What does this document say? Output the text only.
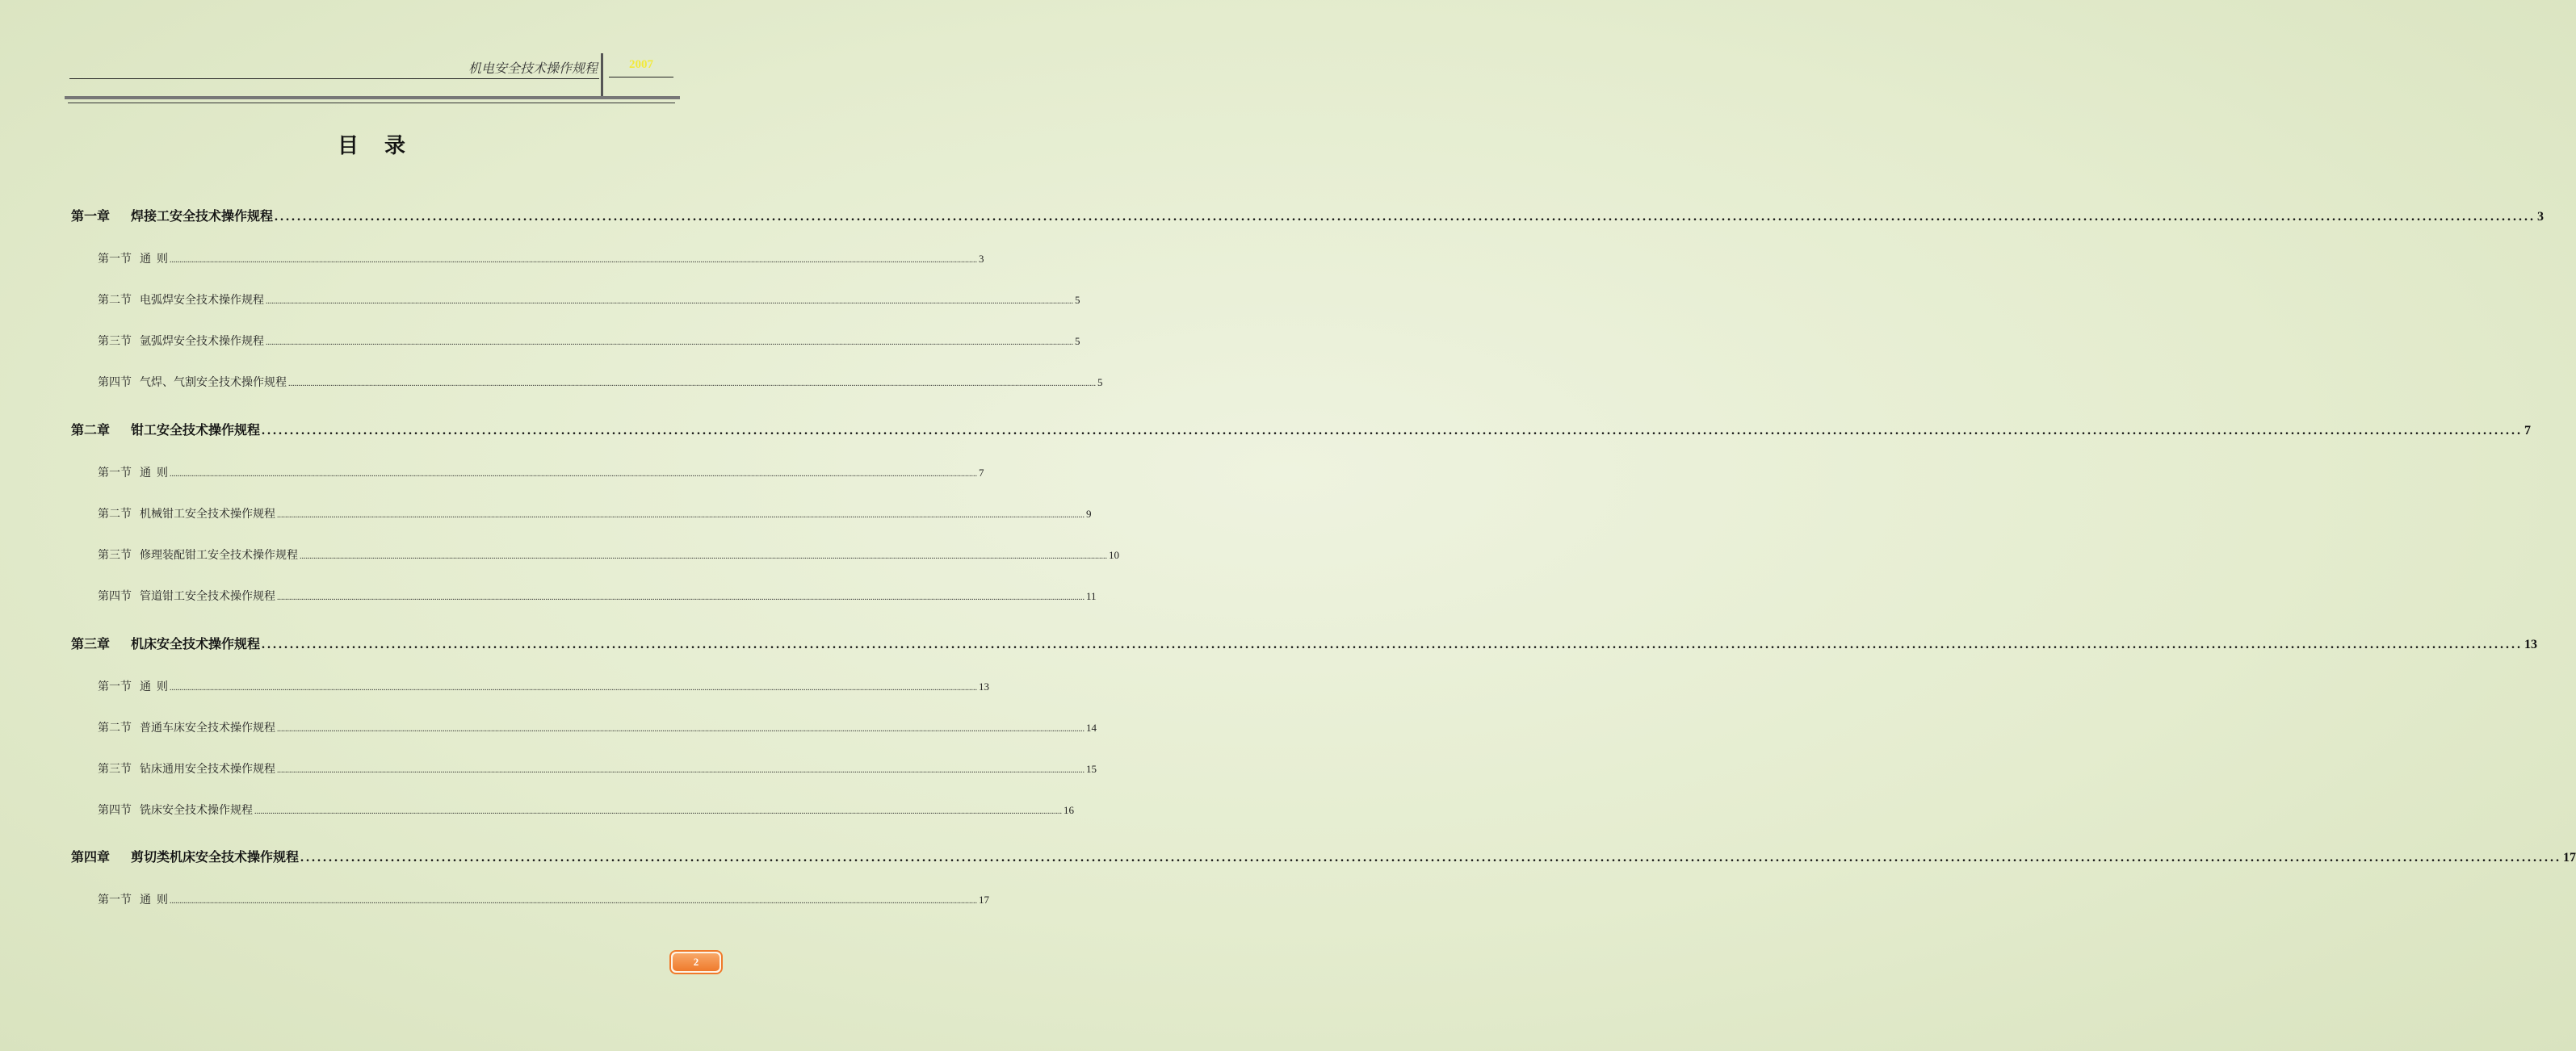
机电安全技术操作规程	2007
目录
第一章 焊接工安全技术操作规程 ................................................................................................................................................................................................................................................................................................................................................................................................................ 3
第一节 通  则 ................................................................................................................................................................................................................................................................................................................................................................................................................ 3
第二节 电弧焊安全技术操作规程 ................................................................................................................................................................................................................................................................................................................................................................................................................ 5
第三节 氩弧焊安全技术操作规程 ................................................................................................................................................................................................................................................................................................................................................................................................................ 5
第四节 气焊、气割安全技术操作规程 ................................................................................................................................................................................................................................................................................................................................................................................................................ 5
第二章 钳工安全技术操作规程 ................................................................................................................................................................................................................................................................................................................................................................................................................ 7
第一节 通  则 ................................................................................................................................................................................................................................................................................................................................................................................................................ 7
第二节 机械钳工安全技术操作规程 ................................................................................................................................................................................................................................................................................................................................................................................................................ 9
第三节 修理装配钳工安全技术操作规程 ................................................................................................................................................................................................................................................................................................................................................................................................................ 10
第四节 管道钳工安全技术操作规程 ................................................................................................................................................................................................................................................................................................................................................................................................................ 11
第三章 机床安全技术操作规程 ................................................................................................................................................................................................................................................................................................................................................................................................................ 13
第一节 通  则 ................................................................................................................................................................................................................................................................................................................................................................................................................ 13
第二节 普通车床安全技术操作规程 ................................................................................................................................................................................................................................................................................................................................................................................................................ 14
第三节 钻床通用安全技术操作规程 ................................................................................................................................................................................................................................................................................................................................................................................................................ 15
第四节 铣床安全技术操作规程 ................................................................................................................................................................................................................................................................................................................................................................................................................ 16
第四章 剪切类机床安全技术操作规程 ................................................................................................................................................................................................................................................................................................................................................................................................................ 17
第一节 通  则 ................................................................................................................................................................................................................................................................................................................................................................................................................ 17
2
